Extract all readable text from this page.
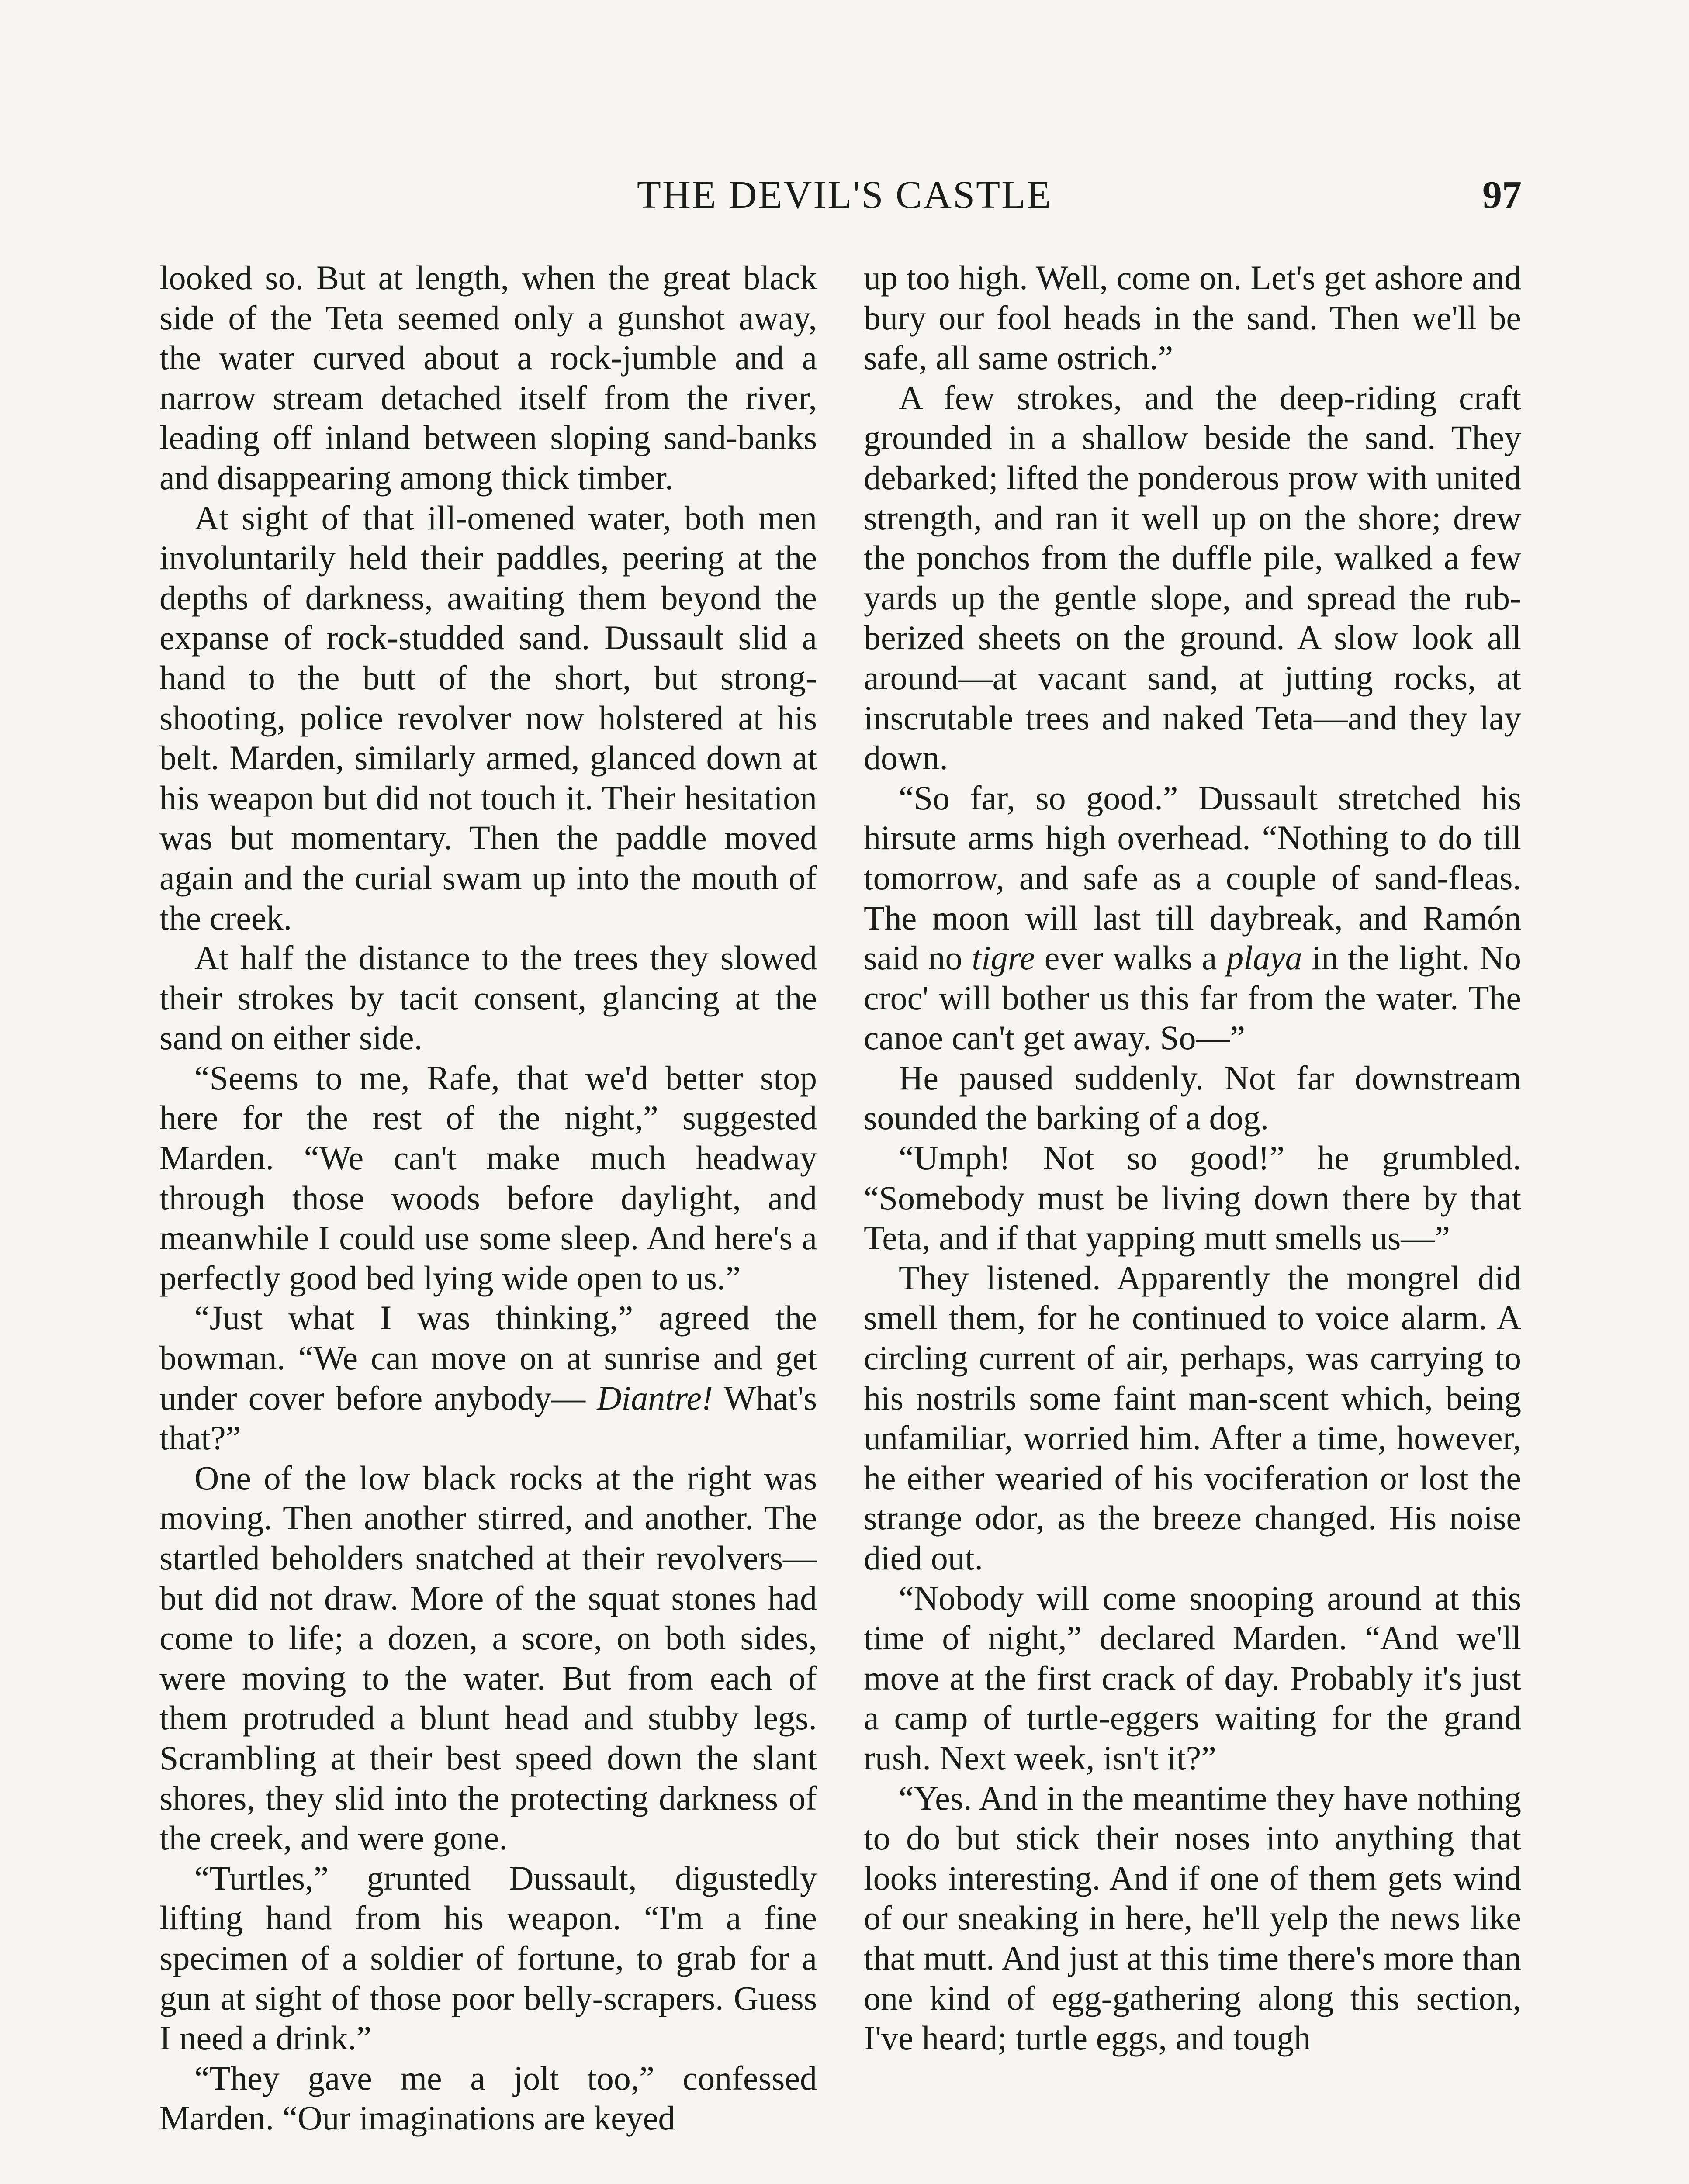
THE DEVIL'S CASTLE	97

looked so. But at length, when the great black side of the Teta seemed only a gunshot away, the water curved about a rock-jumble and a narrow stream detached itself from the river, leading off inland between sloping sand-banks and disappearing among thick timber.

At sight of that ill-omened water, both men involuntarily held their paddles, peering at the depths of darkness, awaiting them beyond the expanse of rock-studded sand. Dussault slid a hand to the butt of the short, but strong-shooting, police revolver now holstered at his belt. Marden, similarly armed, glanced down at his weapon but did not touch it. Their hesitation was but momentary. Then the paddle moved again and the curial swam up into the mouth of the creek.

At half the distance to the trees they slowed their strokes by tacit consent, glancing at the sand on either side.

“Seems to me, Rafe, that we'd better stop here for the rest of the night,” suggested Marden. “We can't make much headway through those woods before daylight, and meanwhile I could use some sleep. And here's a perfectly good bed lying wide open to us.”

“Just what I was thinking,” agreed the bowman. “We can move on at sunrise and get under cover before anybody— Diantre! What's that?”

One of the low black rocks at the right was moving. Then another stirred, and another. The startled beholders snatched at their revolvers—but did not draw. More of the squat stones had come to life; a dozen, a score, on both sides, were moving to the water. But from each of them protruded a blunt head and stubby legs. Scrambling at their best speed down the slant shores, they slid into the protecting darkness of the creek, and were gone.

“Turtles,” grunted Dussault, digustedly lifting hand from his weapon. “I'm a fine specimen of a soldier of fortune, to grab for a gun at sight of those poor belly-scrapers. Guess I need a drink.”

“They gave me a jolt too,” confessed Marden. “Our imaginations are keyed

up too high. Well, come on. Let's get ashore and bury our fool heads in the sand. Then we'll be safe, all same ostrich.”

A few strokes, and the deep-riding craft grounded in a shallow beside the sand. They debarked; lifted the ponderous prow with united strength, and ran it well up on the shore; drew the ponchos from the duffle pile, walked a few yards up the gentle slope, and spread the rubberized sheets on the ground. A slow look all around—at vacant sand, at jutting rocks, at inscrutable trees and naked Teta—and they lay down.

“So far, so good.” Dussault stretched his hirsute arms high overhead. “Nothing to do till tomorrow, and safe as a couple of sand-fleas. The moon will last till daybreak, and Ramón said no tigre ever walks a playa in the light. No croc' will bother us this far from the water. The canoe can't get away. So—”

He paused suddenly. Not far downstream sounded the barking of a dog.

“Umph! Not so good!” he grumbled. “Somebody must be living down there by that Teta, and if that yapping mutt smells us—”

They listened. Apparently the mongrel did smell them, for he continued to voice alarm. A circling current of air, perhaps, was carrying to his nostrils some faint man-scent which, being unfamiliar, worried him. After a time, however, he either wearied of his vociferation or lost the strange odor, as the breeze changed. His noise died out.

“Nobody will come snooping around at this time of night,” declared Marden. “And we'll move at the first crack of day. Probably it's just a camp of turtle-eggers waiting for the grand rush. Next week, isn't it?”

“Yes. And in the meantime they have nothing to do but stick their noses into anything that looks interesting. And if one of them gets wind of our sneaking in here, he'll yelp the news like that mutt. And just at this time there's more than one kind of egg-gathering along this section, I've heard; turtle eggs, and tough
